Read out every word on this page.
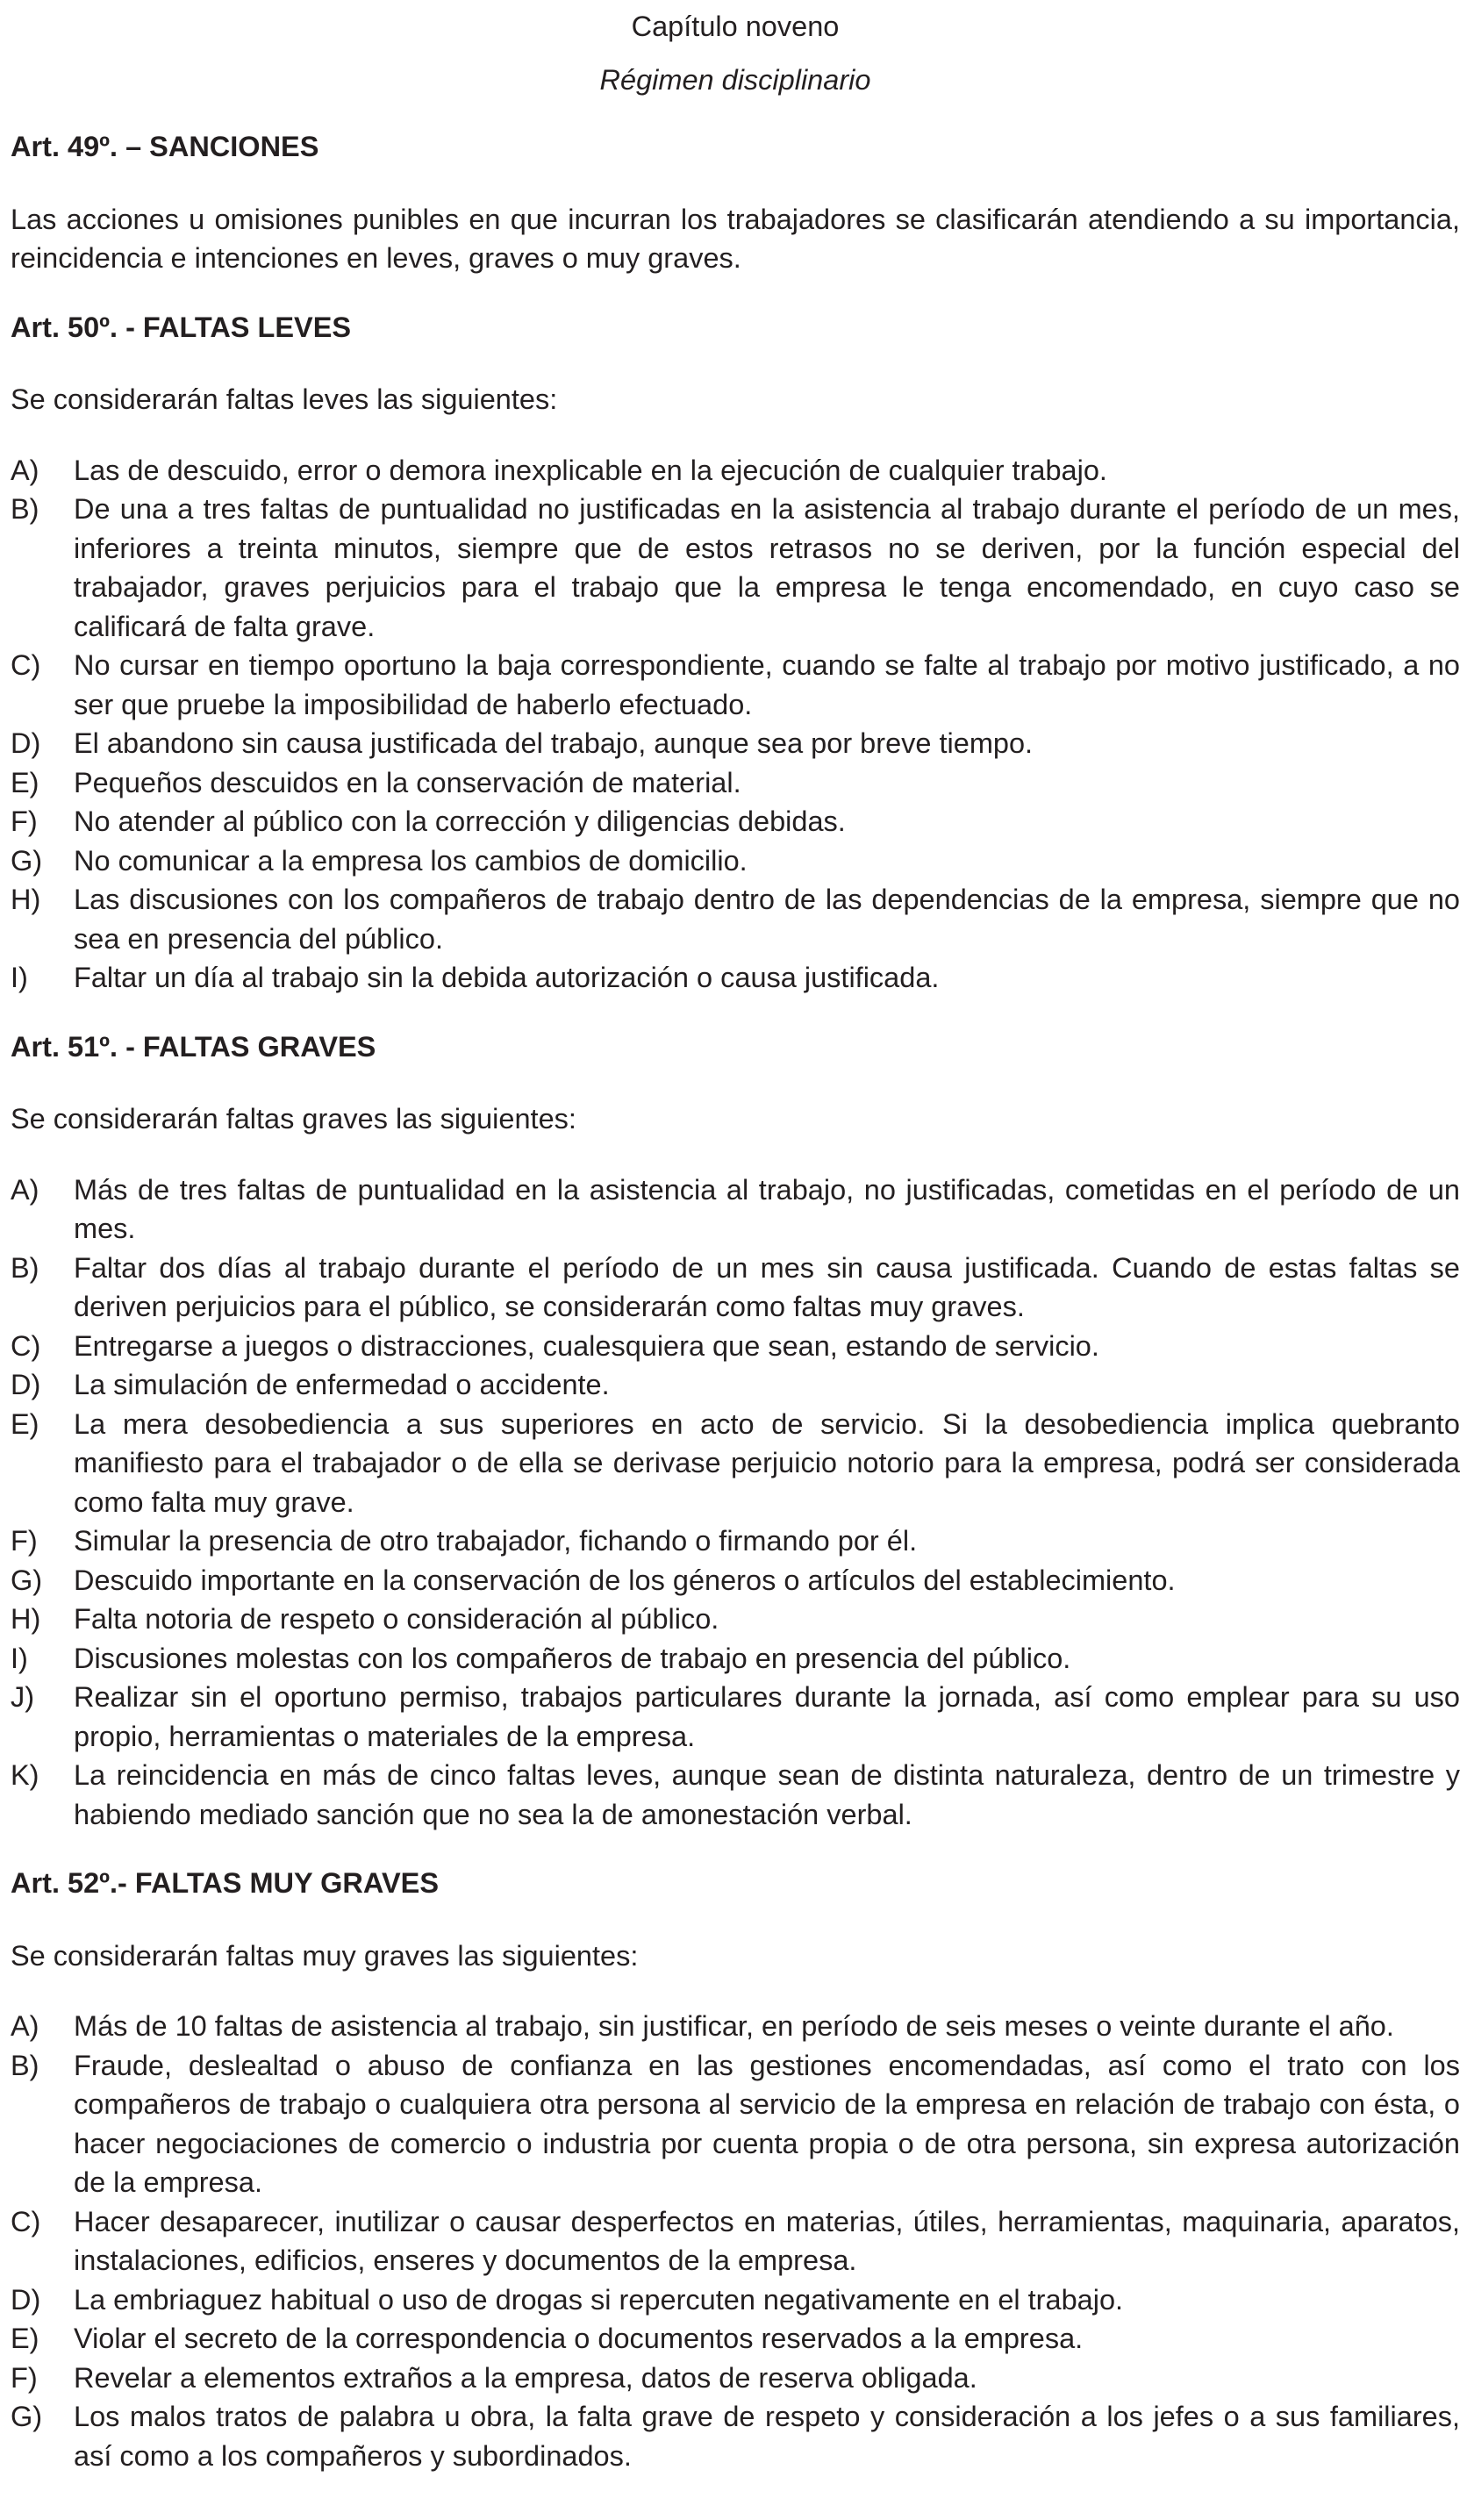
Capítulo noveno

Régimen disciplinario

Art. 49º. – SANCIONES

Las acciones u omisiones punibles en que incurran los trabajadores se clasificarán atendiendo a su importancia, reincidencia e intenciones en leves, graves o muy graves.

Art. 50º. - FALTAS LEVES

Se considerarán faltas leves las siguientes:

A)	Las de descuido, error o demora inexplicable en la ejecución de cualquier trabajo.
B)	De una a tres faltas de puntualidad no justificadas en la asistencia al trabajo durante el período de un mes, inferiores a treinta minutos, siempre que de estos retrasos no se deriven, por la función especial del trabajador, graves perjuicios para el trabajo que la empresa le tenga encomendado, en cuyo caso se calificará de falta grave.
C)	No cursar en tiempo oportuno la baja correspondiente, cuando se falte al trabajo por motivo justificado, a no ser que pruebe la imposibilidad de haberlo efectuado.
D)	El abandono sin causa justificada del trabajo, aunque sea por breve tiempo.
E)	Pequeños descuidos en la conservación de material.
F)	No atender al público con la corrección y diligencias debidas.
G)	No comunicar a la empresa los cambios de domicilio.
H)	Las discusiones con los compañeros de trabajo dentro de las dependencias de la empresa, siempre que no sea en presencia del público.
I)	Faltar un día al trabajo sin la debida autorización o causa justificada.

Art. 51º. - FALTAS GRAVES

Se considerarán faltas graves las siguientes:

A)	Más de tres faltas de puntualidad en la asistencia al trabajo, no justificadas, cometidas en el período de un mes.
B)	Faltar dos días al trabajo durante el período de un mes sin causa justificada. Cuando de estas faltas se deriven perjuicios para el público, se considerarán como faltas muy graves.
C)	Entregarse a juegos o distracciones, cualesquiera que sean, estando de servicio.
D)	La simulación de enfermedad o accidente.
E)	La mera desobediencia a sus superiores en acto de servicio. Si la desobediencia implica quebranto manifiesto para el trabajador o de ella se derivase perjuicio notorio para la empresa, podrá ser considerada como falta muy grave.
F)	Simular la presencia de otro trabajador, fichando o firmando por él.
G)	Descuido importante en la conservación de los géneros o artículos del establecimiento.
H)	Falta notoria de respeto o consideración al público.
I)	Discusiones molestas con los compañeros de trabajo en presencia del público.
J)	Realizar sin el oportuno permiso, trabajos particulares durante la jornada, así como emplear para su uso propio, herramientas o materiales de la empresa.
K)	La reincidencia en más de cinco faltas leves, aunque sean de distinta naturaleza, dentro de un trimestre y habiendo mediado sanción que no sea la de amonestación verbal.

Art. 52º.- FALTAS MUY GRAVES

Se considerarán faltas muy graves las siguientes:

A)	Más de 10 faltas de asistencia al trabajo, sin justificar, en período de seis meses o veinte durante el año.
B)	Fraude, deslealtad o abuso de confianza en las gestiones encomendadas, así como el trato con los compañeros de trabajo o cualquiera otra persona al servicio de la empresa en relación de trabajo con ésta, o hacer negociaciones de comercio o industria por cuenta propia o de otra persona, sin expresa autorización de la empresa.
C)	Hacer desaparecer, inutilizar o causar desperfectos en materias, útiles, herramientas, maquinaria, aparatos, instalaciones, edificios, enseres y documentos de la empresa.
D)	La embriaguez habitual o uso de drogas si repercuten negativamente en el trabajo.
E)	Violar el secreto de la correspondencia o documentos reservados a la empresa.
F)	Revelar a elementos extraños a la empresa, datos de reserva obligada.
G)	Los malos tratos de palabra u obra, la falta grave de respeto y consideración a los jefes o a sus familiares, así como a los compañeros y subordinados.
